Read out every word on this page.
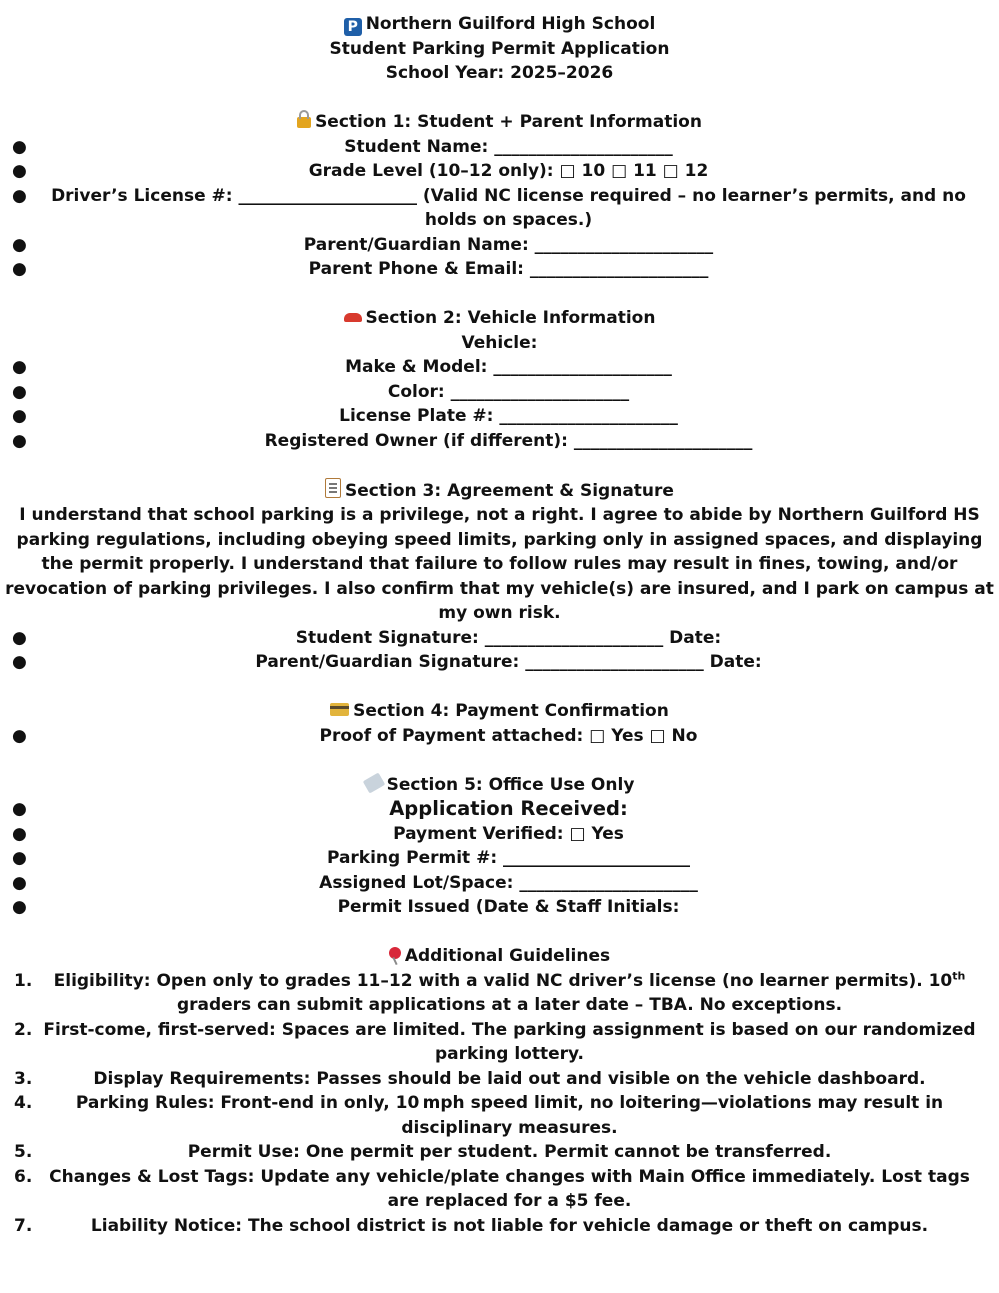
P Northern Guilford High School
Student Parking Permit Application
School Year: 2025–2026
Section 1: Student + Parent Information
●	Student Name: _____________________
●	Grade Level (10–12 only): □ 10 □ 11 □ 12
●	Driver’s License #: _____________________ (Valid NC license required – no learner’s permits, and no holds on spaces.)
●	Parent/Guardian Name: _____________________
●	Parent Phone & Email: _____________________
Section 2: Vehicle Information
Vehicle:
●	Make & Model: _____________________
●	Color: _____________________
●	License Plate #: _____________________
●	Registered Owner (if different): _____________________
Section 3: Agreement & Signature
I understand that school parking is a privilege, not a right. I agree to abide by Northern Guilford HS parking regulations, including obeying speed limits, parking only in assigned spaces, and displaying the permit properly. I understand that failure to follow rules may result in fines, towing, and/or revocation of parking privileges. I also confirm that my vehicle(s) are insured, and I park on campus at my own risk.
●	Student Signature: _____________________ Date:
●	Parent/Guardian Signature: _____________________ Date:
Section 4: Payment Confirmation
●	Proof of Payment attached: □ Yes □ No
Section 5: Office Use Only
●	Application Received:
●	Payment Verified: □ Yes
●	Parking Permit #: ______________________
●	Assigned Lot/Space: _____________________
●	Permit Issued (Date & Staff Initials:
Additional Guidelines
1.	Eligibility: Open only to grades 11–12 with a valid NC driver’s license (no learner permits). 10th graders can submit applications at a later date – TBA. No exceptions.
2. First-come, first-served: Spaces are limited. The parking assignment is based on our randomized parking lottery.
3.	Display Requirements: Passes should be laid out and visible on the vehicle dashboard.
4.	Parking Rules: Front-end in only, 10 mph speed limit, no loitering—violations may result in disciplinary measures.
5.	Permit Use: One permit per student. Permit cannot be transferred.
6. Changes & Lost Tags: Update any vehicle/plate changes with Main Office immediately. Lost tags are replaced for a $5 fee.
7.	Liability Notice: The school district is not liable for vehicle damage or theft on campus.
